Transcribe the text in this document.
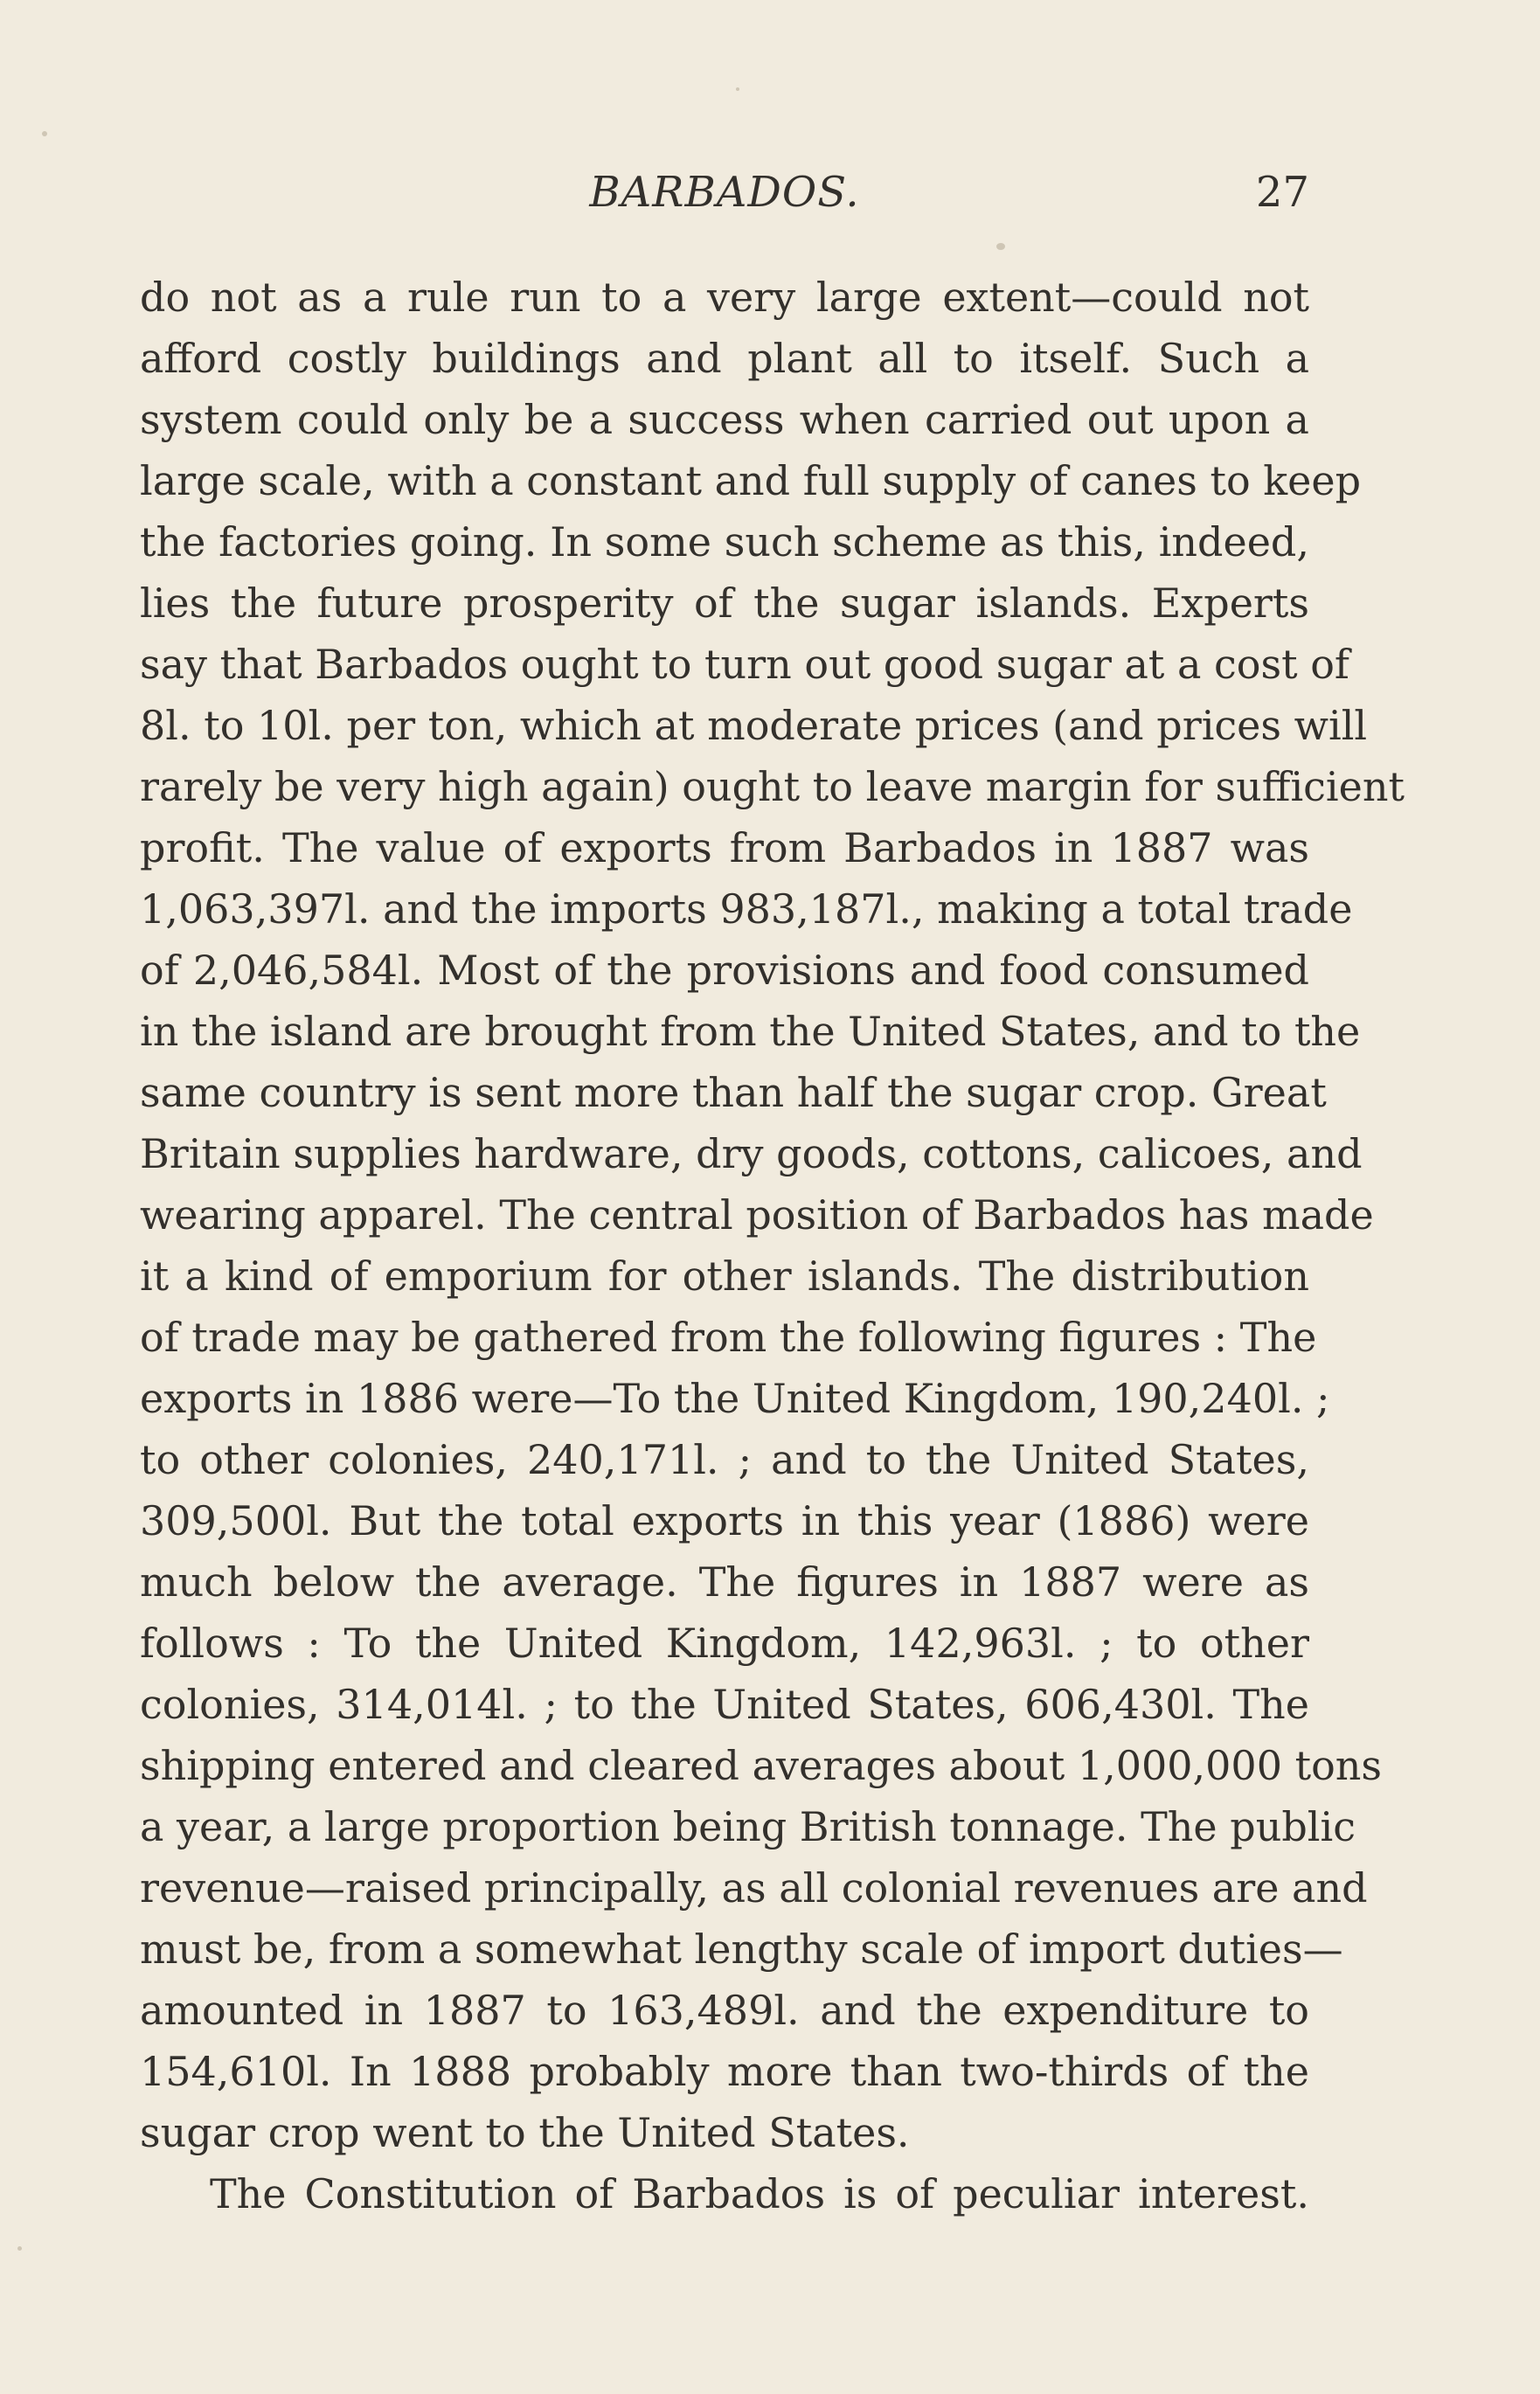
BARBADOS.	27
do not as a rule run to a very large extent—could not
afford costly buildings and plant all to itself. Such a
system could only be a success when carried out upon a
large scale, with a constant and full supply of canes to keep
the factories going. In some such scheme as this, indeed,
lies the future prosperity of the sugar islands. Experts
say that Barbados ought to turn out good sugar at a cost of
8l. to 10l. per ton, which at moderate prices (and prices will
rarely be very high again) ought to leave margin for sufficient
profit. The value of exports from Barbados in 1887 was
1,063,397l. and the imports 983,187l., making a total trade
of 2,046,584l. Most of the provisions and food consumed
in the island are brought from the United States, and to the
same country is sent more than half the sugar crop. Great
Britain supplies hardware, dry goods, cottons, calicoes, and
wearing apparel. The central position of Barbados has made
it a kind of emporium for other islands. The distribution
of trade may be gathered from the following figures : The
exports in 1886 were—To the United Kingdom, 190,240l. ;
to other colonies, 240,171l. ; and to the United States,
309,500l. But the total exports in this year (1886) were
much below the average. The figures in 1887 were as
follows : To the United Kingdom, 142,963l. ; to other
colonies, 314,014l. ; to the United States, 606,430l. The
shipping entered and cleared averages about 1,000,000 tons
a year, a large proportion being British tonnage. The public
revenue—raised principally, as all colonial revenues are and
must be, from a somewhat lengthy scale of import duties—
amounted in 1887 to 163,489l. and the expenditure to
154,610l. In 1888 probably more than two-thirds of the
sugar crop went to the United States.
The Constitution of Barbados is of peculiar interest.
